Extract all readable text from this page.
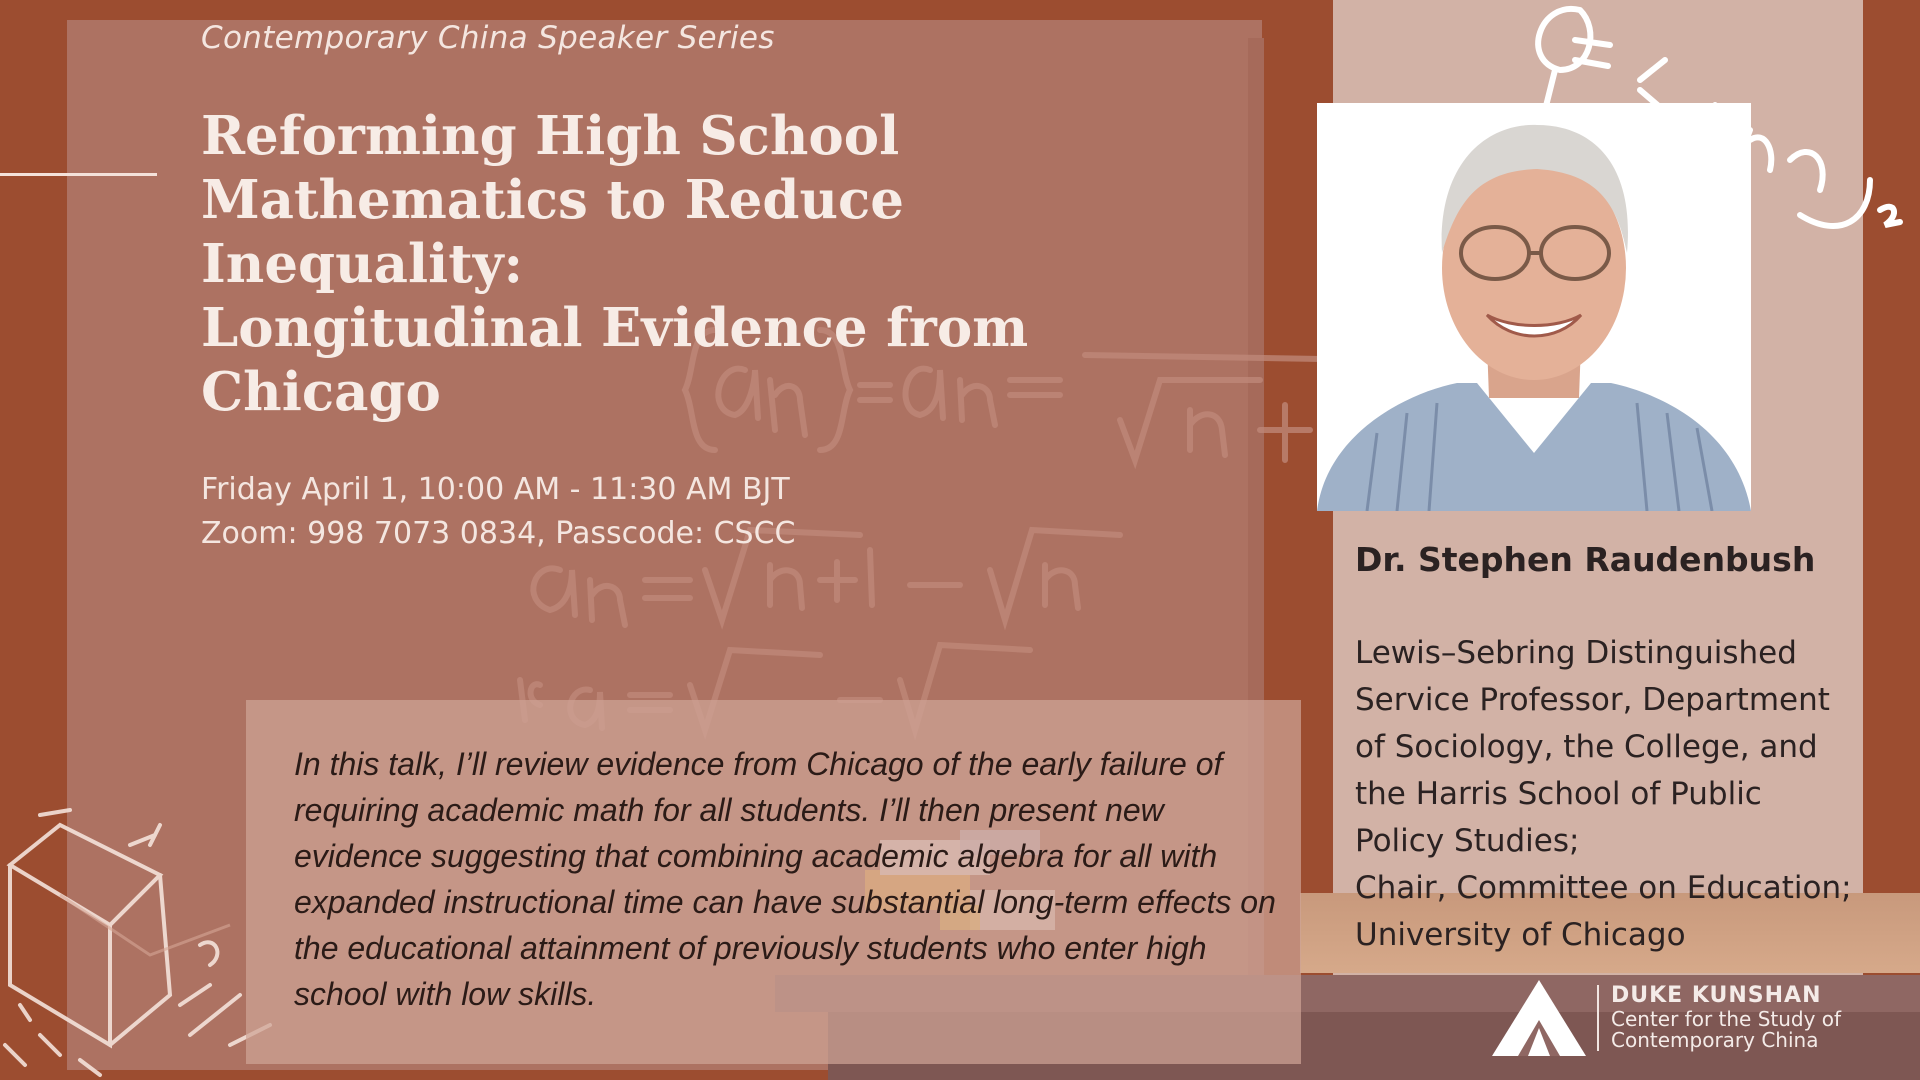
Contemporary China Speaker Series
Reforming High School
Mathematics to Reduce Inequality:
Longitudinal Evidence from
Chicago
Friday April 1, 10:00 AM - 11:30 AM BJT
Zoom: 998 7073 0834, Passcode: CSCC

In this talk, I’ll review evidence from Chicago of the early failure of requiring academic math for all students. I’ll then present new evidence suggesting that combining academic algebra for all with expanded instructional time can have substantial long-term effects on the educational attainment of previously students who enter high school with low skills.

Dr. Stephen Raudenbush
Lewis–Sebring Distinguished
Service Professor, Department
of Sociology, the College, and
the Harris School of Public
Policy Studies;
Chair, Committee on Education;
University of Chicago
DUKE KUNSHAN
Center for the Study of
Contemporary China
